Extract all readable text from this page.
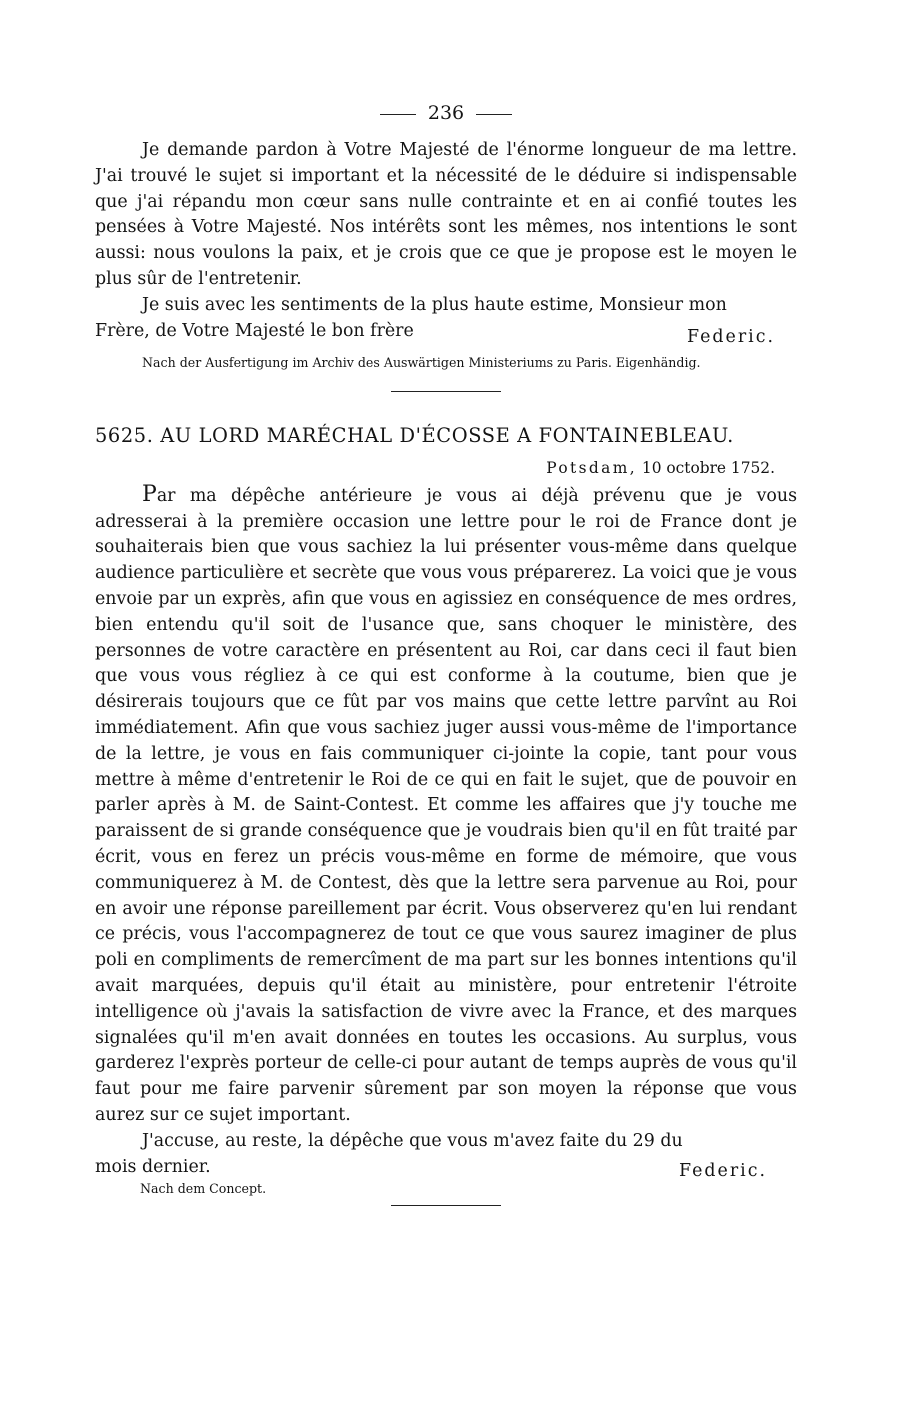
236

Je demande pardon à Votre Majesté de l'énorme longueur de ma lettre. J'ai trouvé le sujet si important et la nécessité de le déduire si indispensable que j'ai répandu mon cœur sans nulle contrainte et en ai confié toutes les pensées à Votre Majesté. Nos intérêts sont les mêmes, nos intentions le sont aussi: nous voulons la paix, et je crois que ce que je propose est le moyen le plus sûr de l'entretenir.

Je suis avec les sentiments de la plus haute estime, Monsieur mon
Frère, de Votre Majesté le bon frère	Federic.

Nach der Ausfertigung im Archiv des Auswärtigen Ministeriums zu Paris. Eigenhändig.

5625. AU LORD MARÉCHAL D'ÉCOSSE A FONTAINEBLEAU.

Potsdam, 10 octobre 1752.

Par ma dépêche antérieure je vous ai déjà prévenu que je vous adresserai à la première occasion une lettre pour le roi de France dont je souhaiterais bien que vous sachiez la lui présenter vous-même dans quelque audience particulière et secrète que vous vous préparerez. La voici que je vous envoie par un exprès, afin que vous en agissiez en conséquence de mes ordres, bien entendu qu'il soit de l'usance que, sans choquer le ministère, des personnes de votre caractère en présentent au Roi, car dans ceci il faut bien que vous vous régliez à ce qui est conforme à la coutume, bien que je désirerais toujours que ce fût par vos mains que cette lettre parvînt au Roi immédiatement. Afin que vous sachiez juger aussi vous-même de l'importance de la lettre, je vous en fais communiquer ci-jointe la copie, tant pour vous mettre à même d'entretenir le Roi de ce qui en fait le sujet, que de pouvoir en parler après à M. de Saint-Contest. Et comme les affaires que j'y touche me paraissent de si grande conséquence que je voudrais bien qu'il en fût traité par écrit, vous en ferez un précis vous-même en forme de mémoire, que vous communiquerez à M. de Contest, dès que la lettre sera parvenue au Roi, pour en avoir une réponse pareillement par écrit. Vous observerez qu'en lui rendant ce précis, vous l'accompagnerez de tout ce que vous saurez imaginer de plus poli en compliments de remercîment de ma part sur les bonnes intentions qu'il avait marquées, depuis qu'il était au ministère, pour entretenir l'étroite intelligence où j'avais la satisfaction de vivre avec la France, et des marques signalées qu'il m'en avait données en toutes les occasions. Au surplus, vous garderez l'exprès porteur de celle-ci pour autant de temps auprès de vous qu'il faut pour me faire parvenir sûrement par son moyen la réponse que vous aurez sur ce sujet important.

J'accuse, au reste, la dépêche que vous m'avez faite du 29 du
mois dernier.	Federic.

Nach dem Concept.
